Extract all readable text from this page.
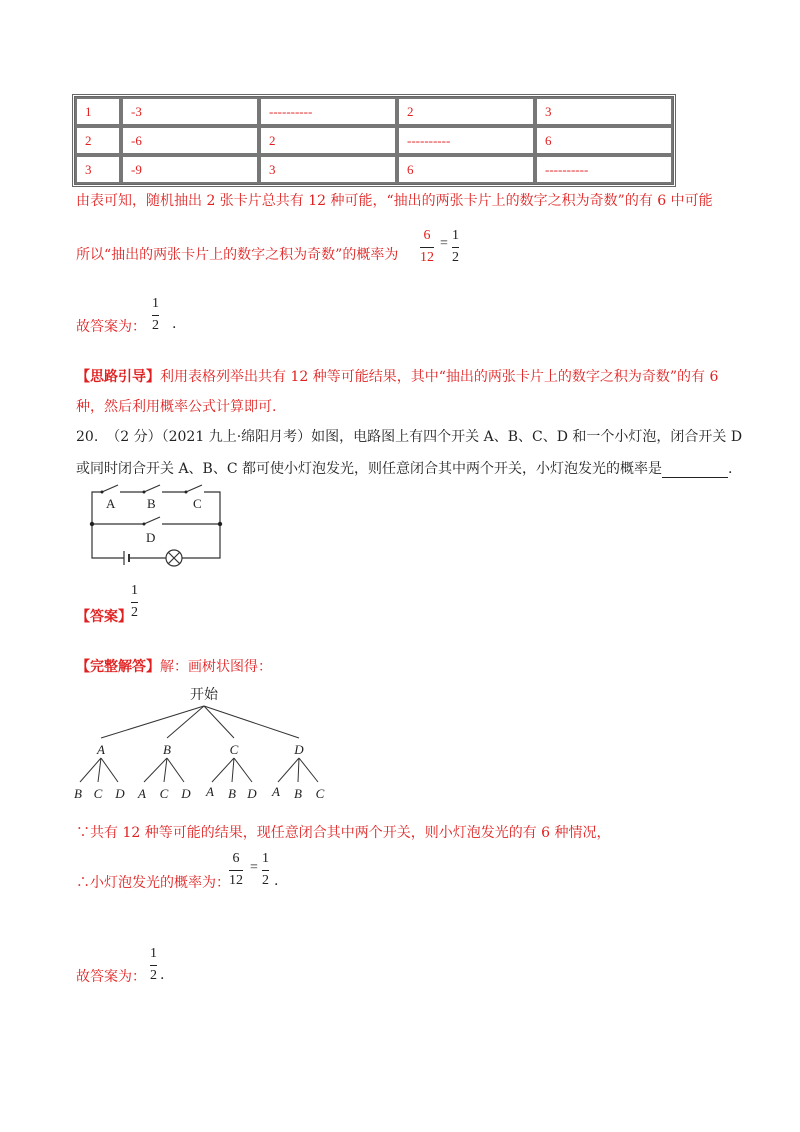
1	-3	----------	2	3
2	-6	2	----------	6
3	-9	3	6	----------
由表可知，随机抽出 2 张卡片总共有 12 种可能，“抽出的两张卡片上的数字之积为奇数”的有 6 中可能
所以“抽出的两张卡片上的数字之积为奇数”的概率为
6
12
=
1
2
故答案为：
1
2 .
【思路引导】利用表格列举出共有 12 种等可能结果，其中“抽出的两张卡片上的数字之积为奇数”的有 6
种，然后利用概率公式计算即可.
20. （2 分）（2021 九上·绵阳月考）如图，电路图上有四个开关 A、B、C、D 和一个小灯泡，闭合开关 D
或同时闭合开关 A、B、C 都可使小灯泡发光，则任意闭合其中两个开关，小灯泡发光的概率是	.
A B	C
D
【答案】
1
2
【完整解答】解：画树状图得：
开始
A	B	C	D
B C D A C D A B D A B C
∵共有 12 种等可能的结果，现任意闭合其中两个开关，则小灯泡发光的有 6 种情况，
∴小灯泡发光的概率为：
6
12
=
1
2 .
故答案为：
1
2 .
